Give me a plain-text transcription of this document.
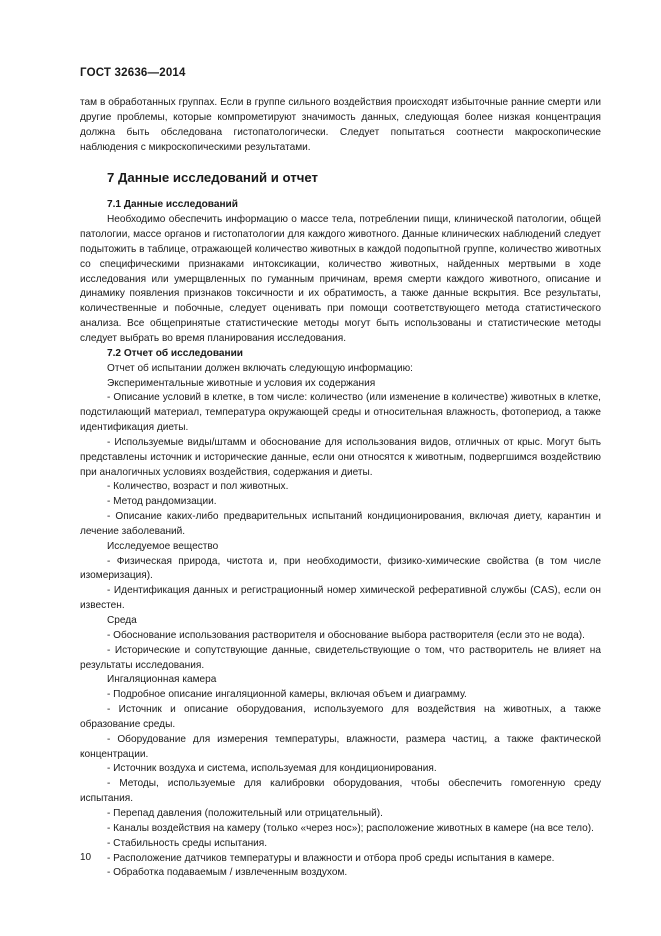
ГОСТ 32636—2014

там в обработанных группах. Если в группе сильного воздействия происходят избыточные ранние смерти или другие проблемы, которые компрометируют значимость данных, следующая более низкая концентрация должна быть обследована гистопатологически. Следует попытаться соотнести макроскопические наблюдения с микроскопическими результатами.

7 Данные исследований и отчет

7.1 Данные исследований

Необходимо обеспечить информацию о массе тела, потреблении пищи, клинической патологии, общей патологии, массе органов и гистопатологии для каждого животного. Данные клинических наблюдений следует подытожить в таблице, отражающей количество животных в каждой подопытной группе, количество животных со специфическими признаками интоксикации, количество животных, найденных мертвыми в ходе исследования или умерщвленных по гуманным причинам, время смерти каждого животного, описание и динамику появления признаков токсичности и их обратимость, а также данные вскрытия. Все результаты, количественные и побочные, следует оценивать при помощи соответствующего метода статистического анализа. Все общепринятые статистические методы могут быть использованы и статистические методы следует выбрать во время планирования исследования.

7.2 Отчет об исследовании

Отчет об испытании должен включать следующую информацию:

Экспериментальные животные и условия их содержания

- Описание условий в клетке, в том числе: количество (или изменение в количестве) животных в клетке, подстилающий материал, температура окружающей среды и относительная влажность, фотопериод, а также идентификация диеты.

- Используемые виды/штамм и обоснование для использования видов, отличных от крыс. Могут быть представлены источник и исторические данные, если они относятся к животным, подвергшимся воздействию при аналогичных условиях воздействия, содержания и диеты.

- Количество, возраст и пол животных.

- Метод рандомизации.

- Описание каких-либо предварительных испытаний кондиционирования, включая диету, карантин и лечение заболеваний.

Исследуемое вещество

- Физическая природа, чистота и, при необходимости, физико-химические свойства (в том числе изомеризация).

- Идентификация данных и регистрационный номер химической реферативной службы (CAS), если он известен.

Среда

- Обоснование использования растворителя и обоснование выбора растворителя (если это не вода).

- Исторические и сопутствующие данные, свидетельствующие о том, что растворитель не влияет на результаты исследования.

Ингаляционная камера

- Подробное описание ингаляционной камеры, включая объем и диаграмму.

- Источник и описание оборудования, используемого для воздействия на животных, а также образование среды.

- Оборудование для измерения температуры, влажности, размера частиц, а также фактической концентрации.

- Источник воздуха и система, используемая для кондиционирования.

- Методы, используемые для калибровки оборудования, чтобы обеспечить гомогенную среду испытания.

- Перепад давления (положительный или отрицательный).

- Каналы воздействия на камеру (только «через нос»); расположение животных в камере (на все тело).

- Стабильность среды испытания.

- Расположение датчиков температуры и влажности и отбора проб среды испытания в камере.

- Обработка подаваемым / извлеченным воздухом.

10
